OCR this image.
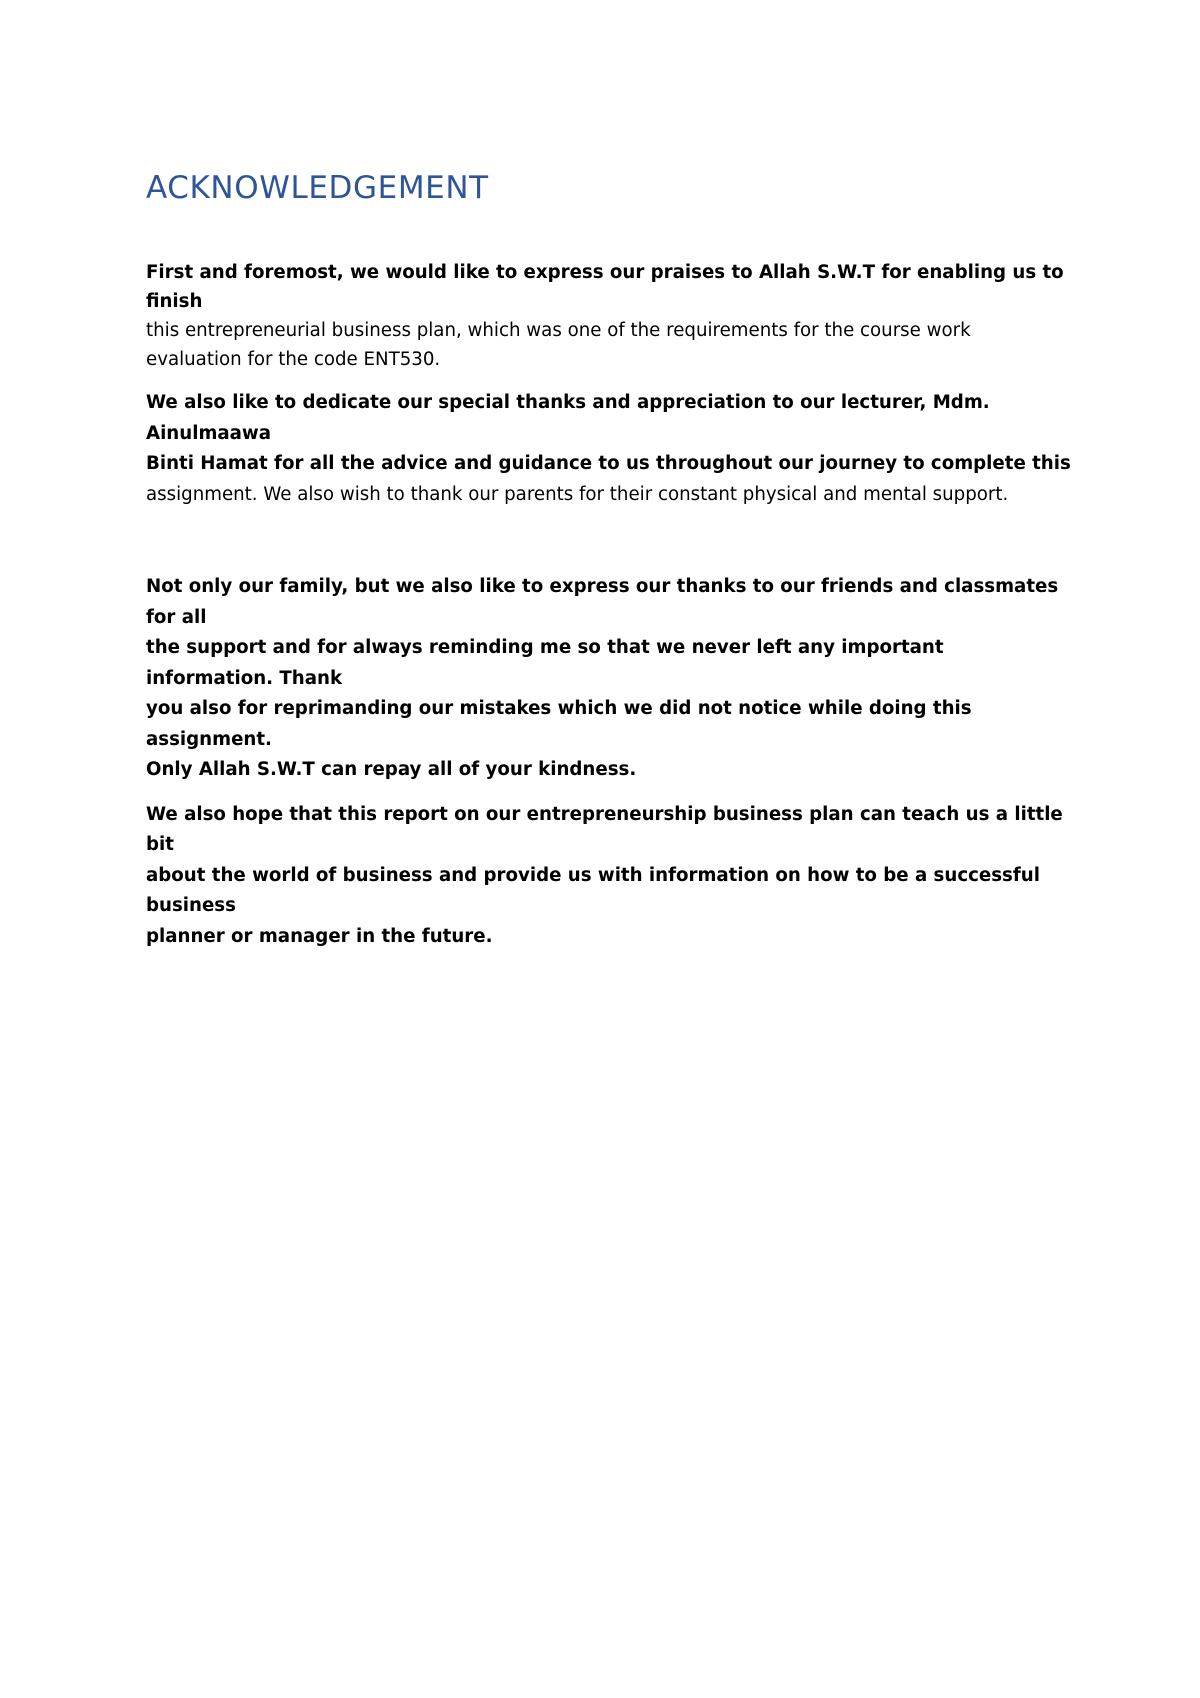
ACKNOWLEDGEMENT
First and foremost, we would like to express our praises to Allah S.W.T for enabling us to finish
this entrepreneurial business plan, which was one of the requirements for the course work
evaluation for the code ENT530.
We also like to dedicate our special thanks and appreciation to our lecturer, Mdm. Ainulmaawa
Binti Hamat for all the advice and guidance to us throughout our journey to complete this
assignment. We also wish to thank our parents for their constant physical and mental support.
Not only our family, but we also like to express our thanks to our friends and classmates for all
the support and for always reminding me so that we never left any important information. Thank
you also for reprimanding our mistakes which we did not notice while doing this assignment.
Only Allah S.W.T can repay all of your kindness.
We also hope that this report on our entrepreneurship business plan can teach us a little bit
about the world of business and provide us with information on how to be a successful business
planner or manager in the future.
